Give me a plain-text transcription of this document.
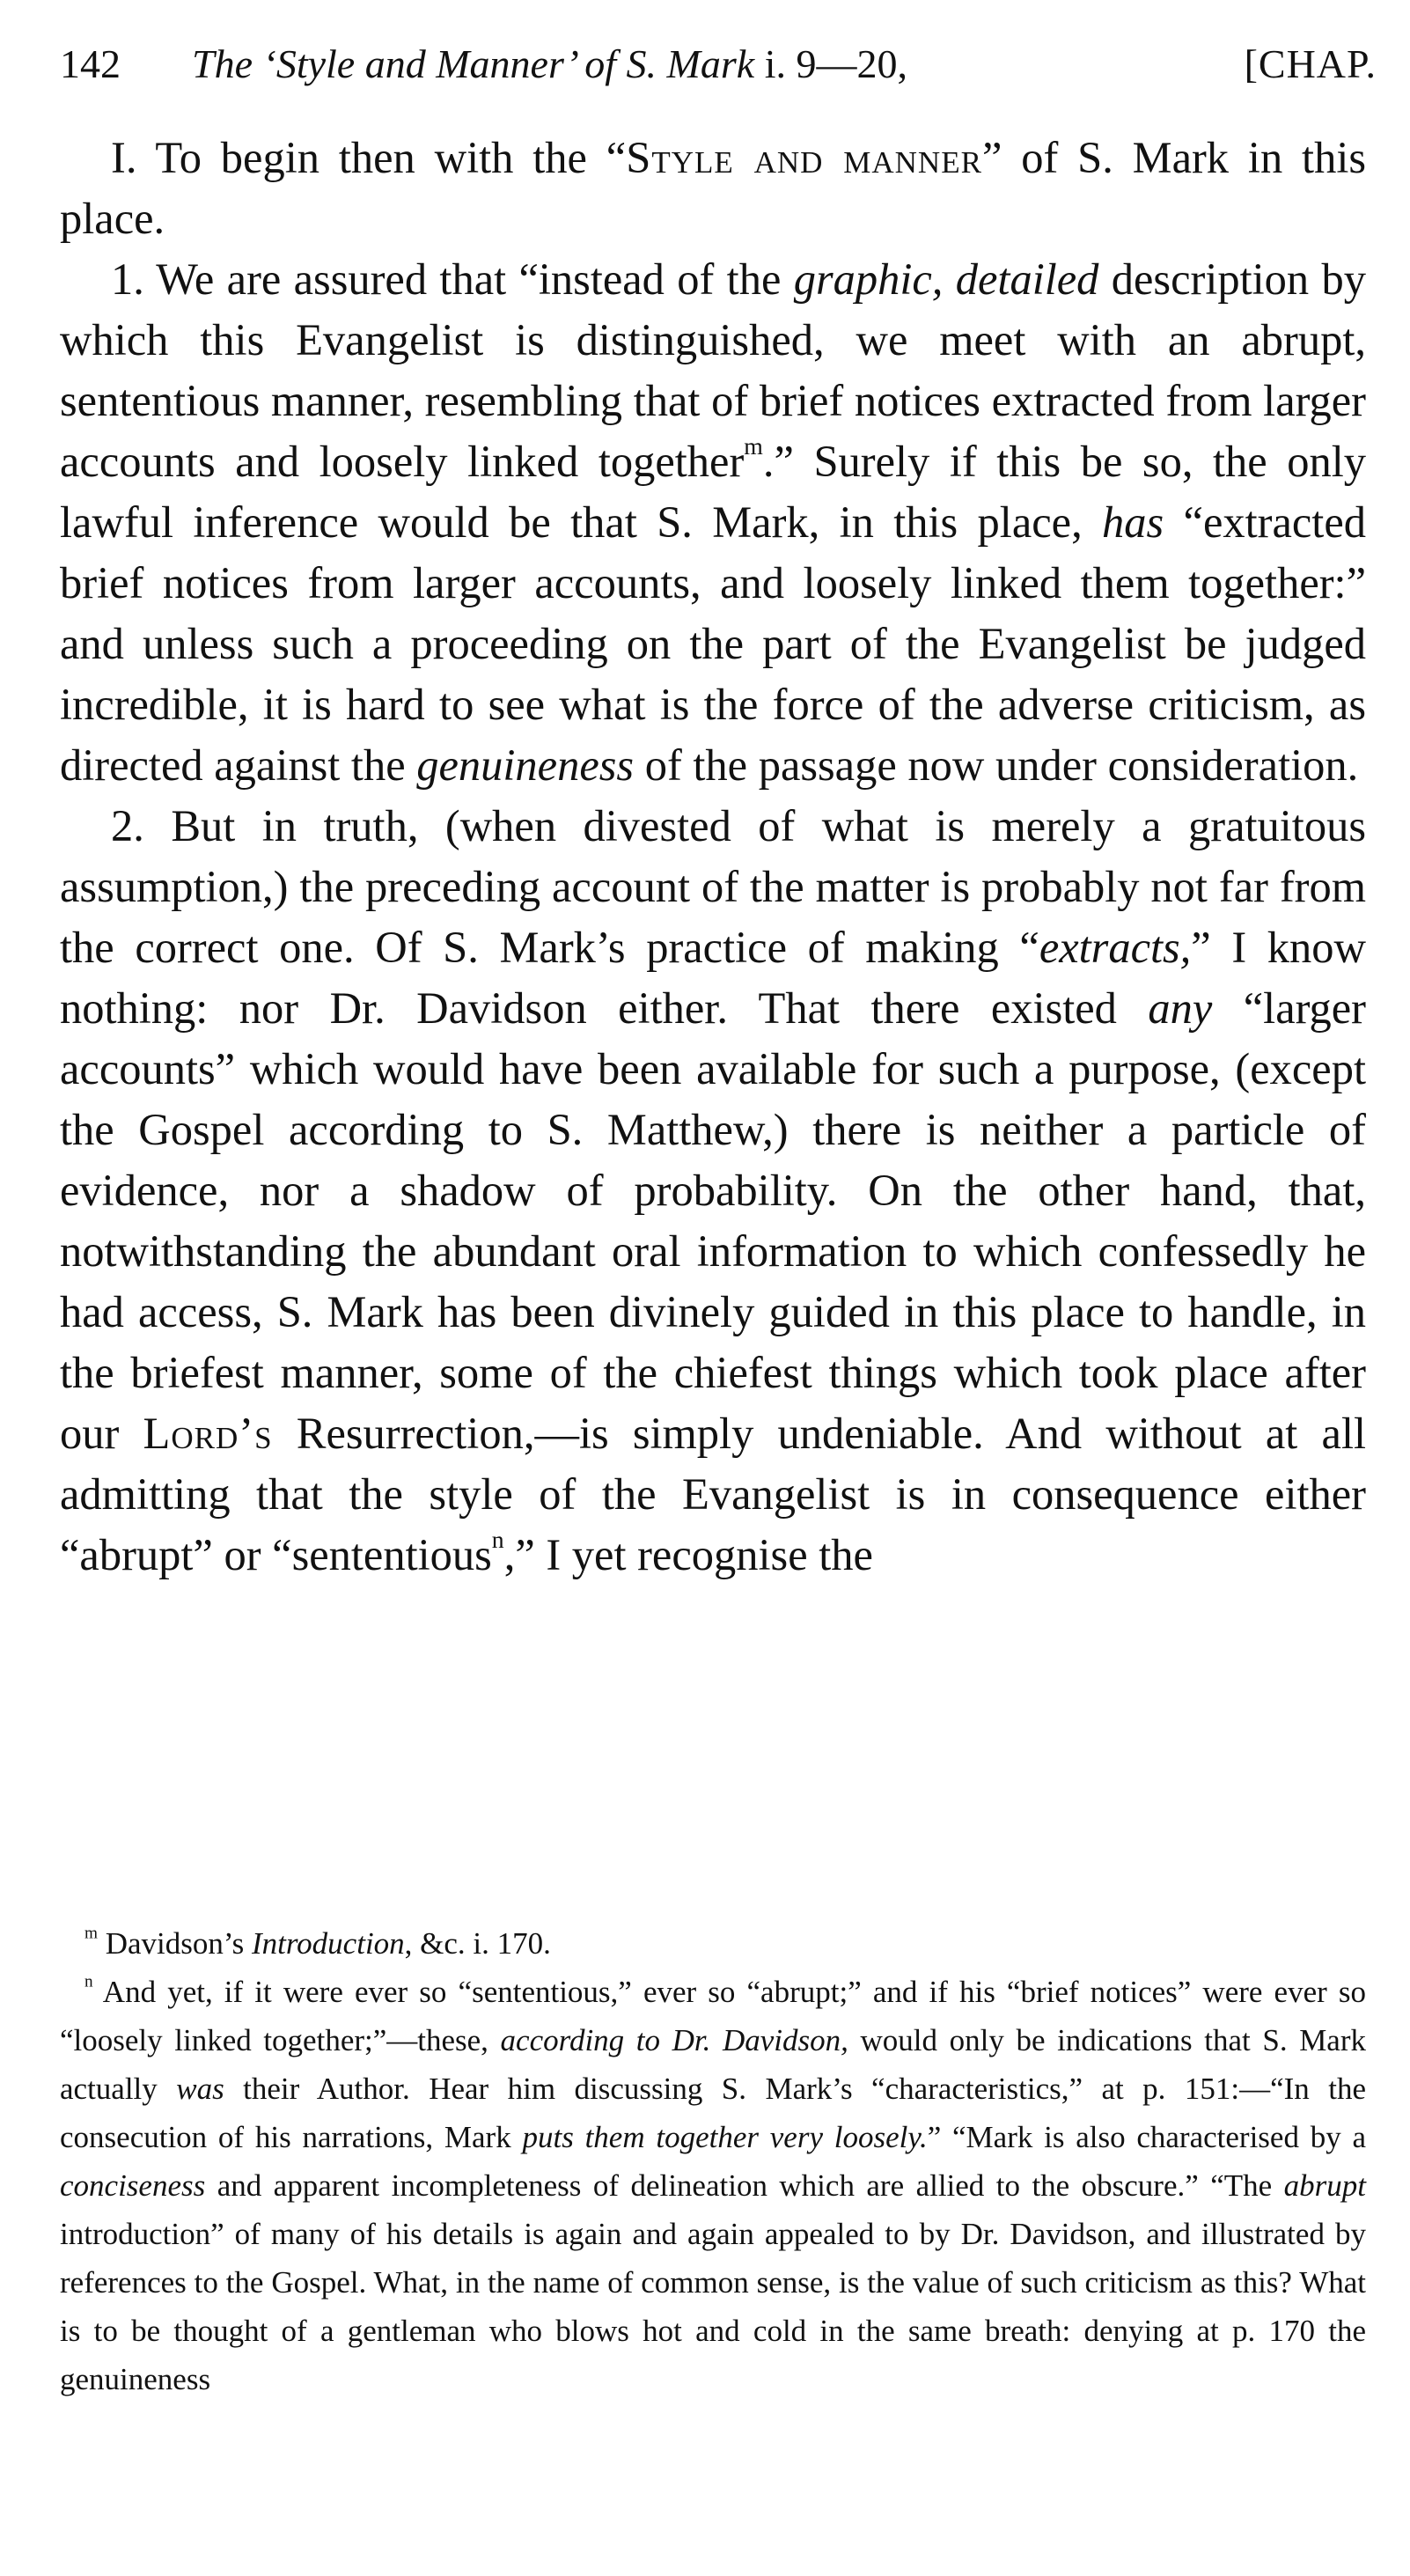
142 The ‘Style and Manner’ of S. Mark i. 9—20,	[CHAP.

I. To begin then with the “Style and manner” of S. Mark in this place.

1. We are assured that “instead of the graphic, detailed description by which this Evangelist is distinguished, we meet with an abrupt, sententious manner, resembling that of brief notices extracted from larger accounts and loosely linked together$^m$.” Surely if this be so, the only lawful inference would be that S. Mark, in this place, has “extracted brief notices from larger accounts, and loosely linked them together:” and unless such a proceeding on the part of the Evangelist be judged incredible, it is hard to see what is the force of the adverse criticism, as directed against the genuineness of the passage now under consideration.

2. But in truth, (when divested of what is merely a gratuitous assumption,) the preceding account of the matter is probably not far from the correct one. Of S. Mark’s practice of making “extracts,” I know nothing: nor Dr. Davidson either. That there existed any “larger accounts” which would have been available for such a purpose, (except the Gospel according to S. Matthew,) there is neither a particle of evidence, nor a shadow of probability. On the other hand, that, notwithstanding the abundant oral information to which confessedly he had access, S. Mark has been divinely guided in this place to handle, in the briefest manner, some of the chiefest things which took place after our Lord’s Resurrection,—is simply undeniable. And without at all admitting that the style of the Evangelist is in consequence either “abrupt” or “sententious$^n$,” I yet recognise the

$^m$ Davidson’s Introduction, &c. i. 170.

$^n$ And yet, if it were ever so “sententious,” ever so “abrupt;” and if his “brief notices” were ever so “loosely linked together;”—these, according to Dr. Davidson, would only be indications that S. Mark actually was their Author. Hear him discussing S. Mark’s “characteristics,” at p. 151:—“In the consecution of his narrations, Mark puts them together very loosely.” “Mark is also characterised by a conciseness and apparent incompleteness of delineation which are allied to the obscure.” “The abrupt introduction” of many of his details is again and again appealed to by Dr. Davidson, and illustrated by references to the Gospel. What, in the name of common sense, is the value of such criticism as this? What is to be thought of a gentleman who blows hot and cold in the same breath: denying at p. 170 the genuineness
